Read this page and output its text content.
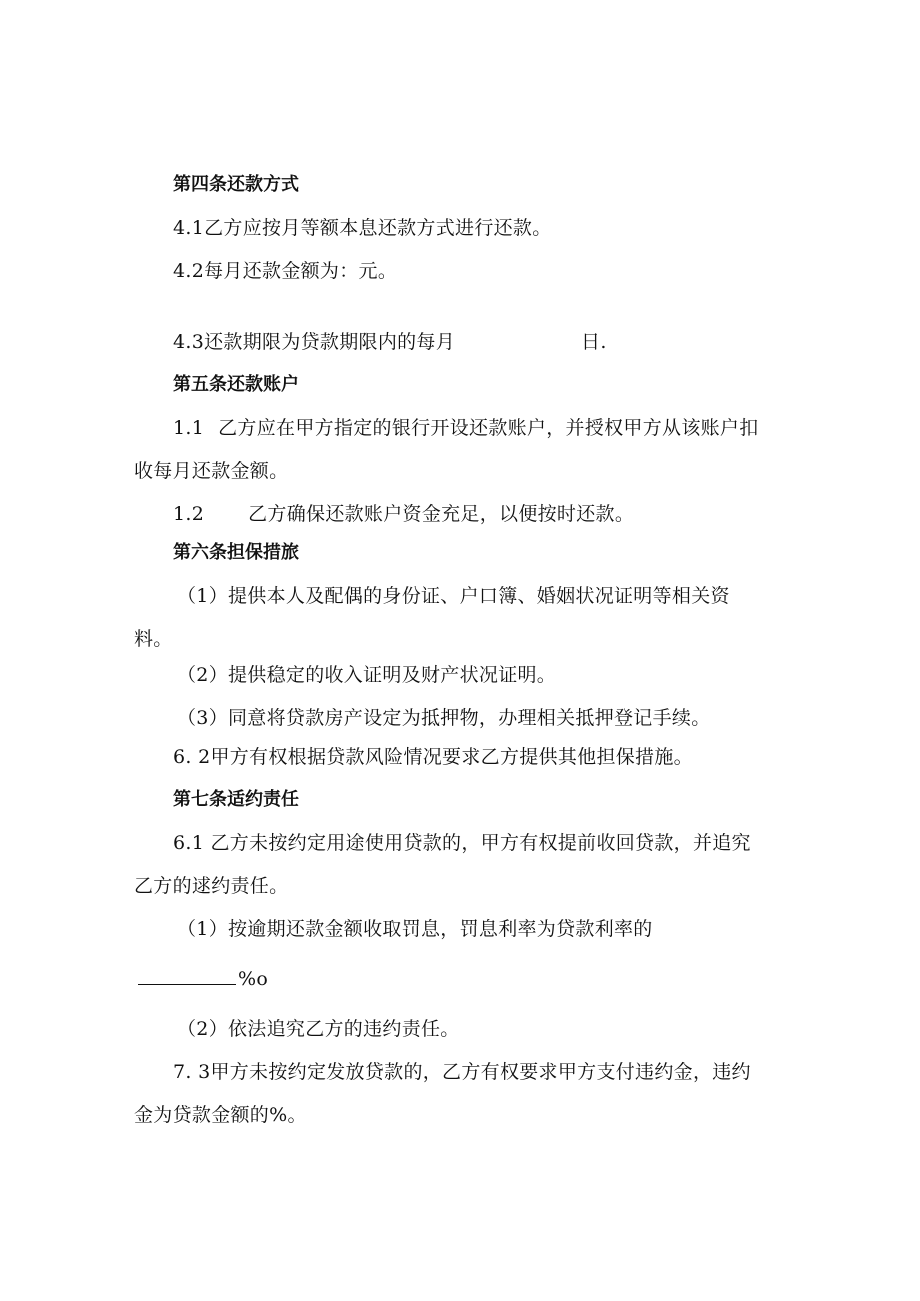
第四条还款方式
4.1乙方应按月等额本息还款方式进行还款。
4.2每月还款金额为：元。
4.3还款期限为贷款期限内的每月	日.
第五条还款账户
1.1 乙方应在甲方指定的银行开设还款账户，并授权甲方从该账户扣
收每月还款金额。
1.2 乙方确保还款账户资金充足，以便按时还款。
第六条担保措旅
（1）提供本人及配偶的身份证、户口簿、婚姻状况证明等相关资
料。
（2）提供稳定的收入证明及财产状况证明。
（3）同意将贷款房产设定为抵押物，办理相关抵押登记手续。
6. 2甲方有权根据贷款风险情况要求乙方提供其他担保措施。
第七条适约责任
6.1 乙方未按约定用途使用贷款的，甲方有权提前收回贷款，并追究
乙方的逑约责任。
（1）按逾期还款金额收取罚息，罚息利率为贷款利率的
%o
（2）依法追究乙方的违约责任。
7. 3甲方未按约定发放贷款的，乙方有权要求甲方支付违约金，违约
金为贷款金额的%。
